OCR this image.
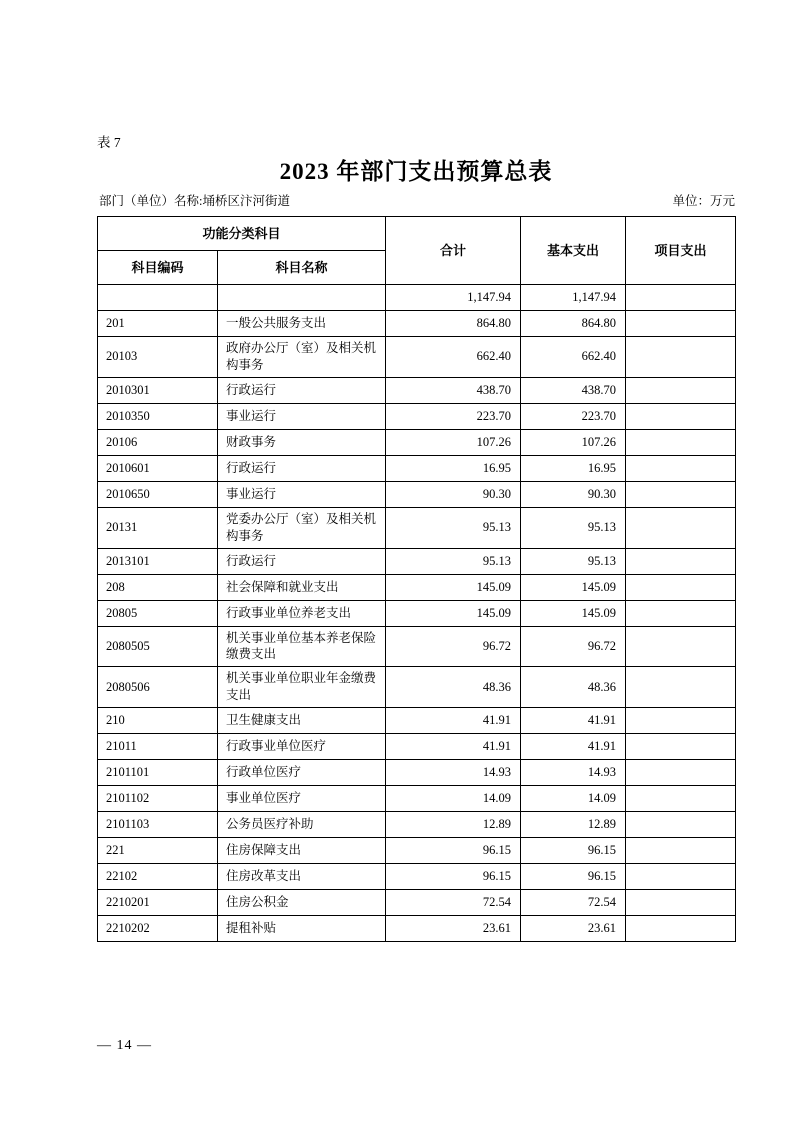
表 7
2023 年部门支出预算总表
部门（单位）名称:埇桥区汴河街道	单位：万元
功能分类科目		合计	基本支出	项目支出
科目编码	科目名称			
		1,147.94	1,147.94	
201	一般公共服务支出	864.80	864.80	
20103	政府办公厅（室）及相关机构事务	662.40	662.40	
2010301	行政运行	438.70	438.70	
2010350	事业运行	223.70	223.70	
20106	财政事务	107.26	107.26	
2010601	行政运行	16.95	16.95	
2010650	事业运行	90.30	90.30	
20131	党委办公厅（室）及相关机构事务	95.13	95.13	
2013101	行政运行	95.13	95.13	
208	社会保障和就业支出	145.09	145.09	
20805	行政事业单位养老支出	145.09	145.09	
2080505	机关事业单位基本养老保险缴费支出	96.72	96.72	
2080506	机关事业单位职业年金缴费支出	48.36	48.36	
210	卫生健康支出	41.91	41.91	
21011	行政事业单位医疗	41.91	41.91	
2101101	行政单位医疗	14.93	14.93	
2101102	事业单位医疗	14.09	14.09	
2101103	公务员医疗补助	12.89	12.89	
221	住房保障支出	96.15	96.15	
22102	住房改革支出	96.15	96.15	
2210201	住房公积金	72.54	72.54	
2210202	提租补贴	23.61	23.61	
— 14 —
